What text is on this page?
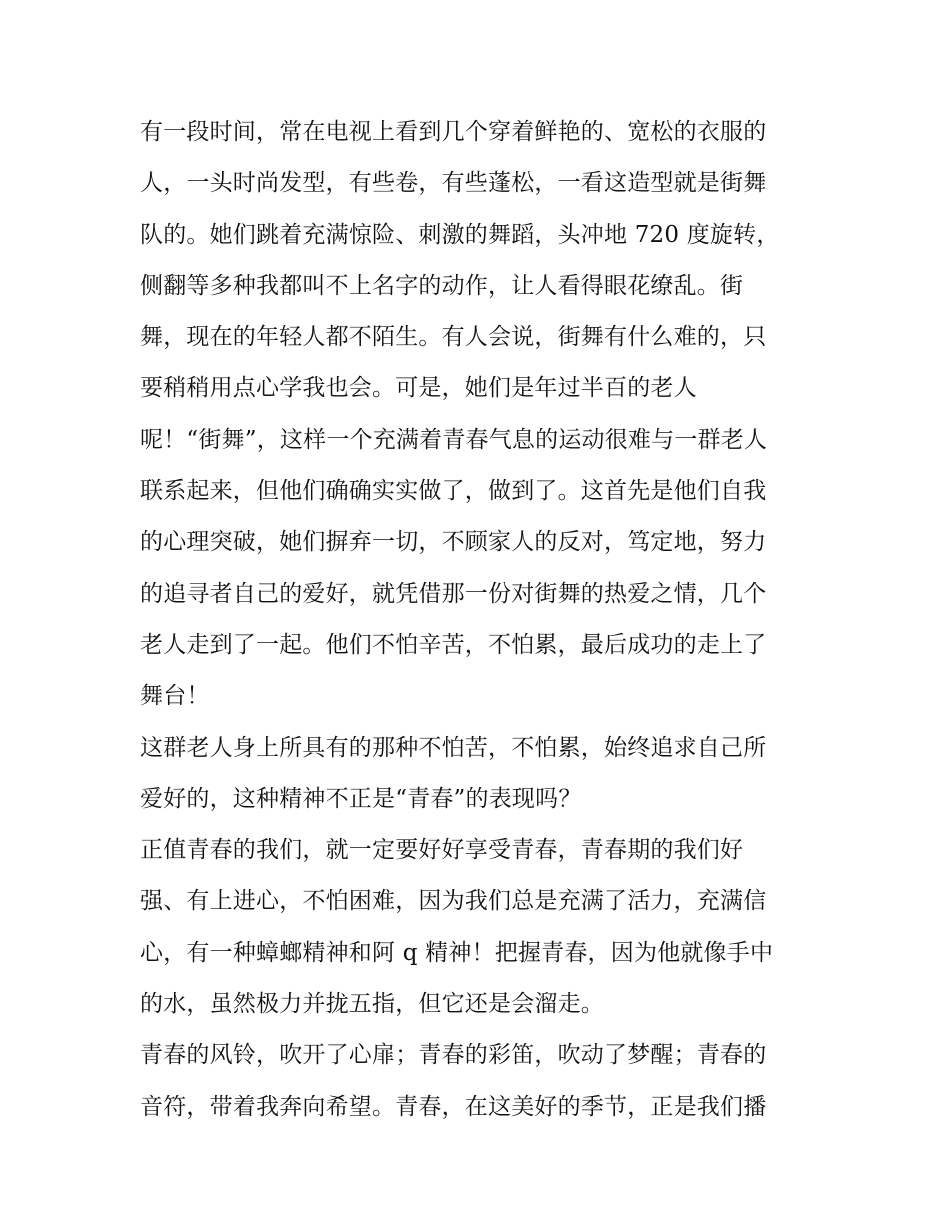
有一段时间，常在电视上看到几个穿着鲜艳的、宽松的衣服的
人，一头时尚发型，有些卷，有些蓬松，一看这造型就是街舞
队的。她们跳着充满惊险、刺激的舞蹈，头冲地 720 度旋转，
侧翻等多种我都叫不上名字的动作，让人看得眼花缭乱。街
舞，现在的年轻人都不陌生。有人会说，街舞有什么难的，只
要稍稍用点心学我也会。可是，她们是年过半百的老人
呢！“街舞”，这样一个充满着青春气息的运动很难与一群老人
联系起来，但他们确确实实做了，做到了。这首先是他们自我
的心理突破，她们摒弃一切，不顾家人的反对，笃定地，努力
的追寻者自己的爱好，就凭借那一份对街舞的热爱之情，几个
老人走到了一起。他们不怕辛苦，不怕累，最后成功的走上了
舞台！

这群老人身上所具有的那种不怕苦，不怕累，始终追求自己所
爱好的，这种精神不正是“青春”的表现吗？

正值青春的我们，就一定要好好享受青春，青春期的我们好
强、有上进心，不怕困难，因为我们总是充满了活力，充满信
心，有一种蟑螂精神和阿 q 精神！把握青春，因为他就像手中
的水，虽然极力并拢五指，但它还是会溜走。

青春的风铃，吹开了心扉；青春的彩笛，吹动了梦醒；青春的
音符，带着我奔向希望。青春，在这美好的季节，正是我们播
